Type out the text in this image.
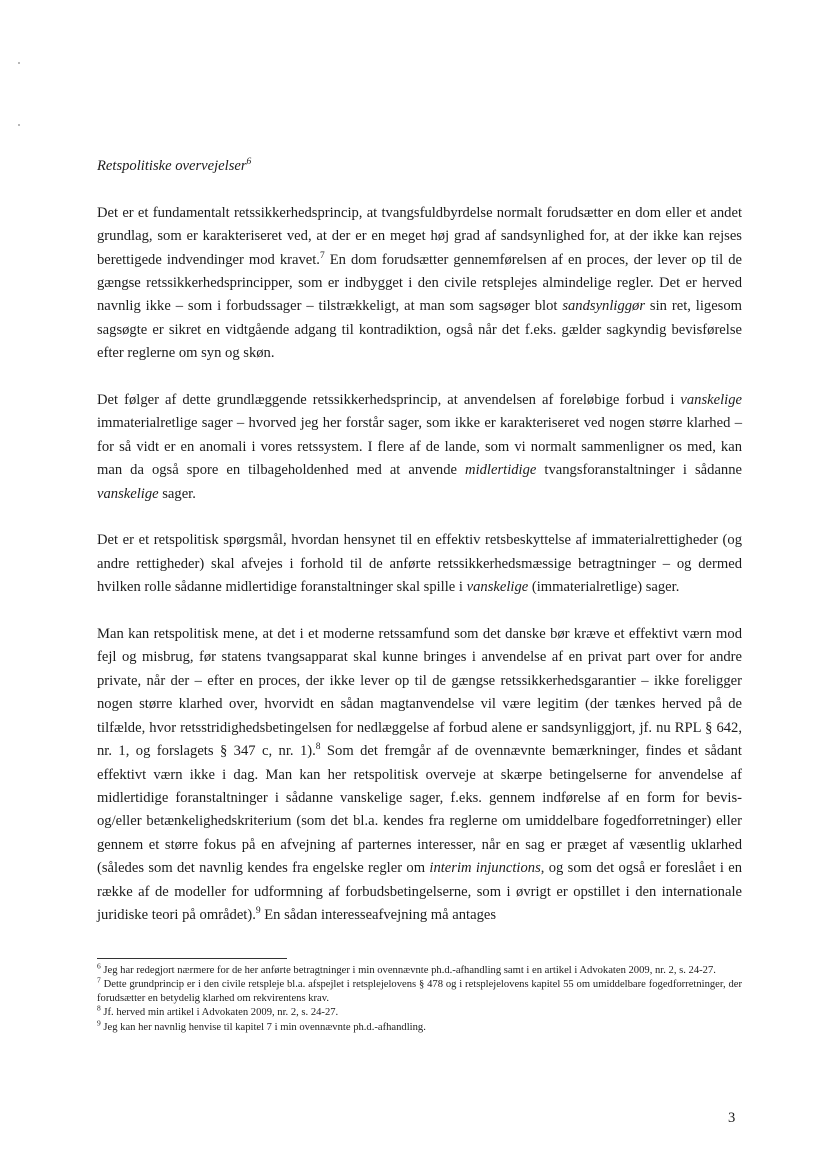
Retspolitiske overvejelser$^6$

Det er et fundamentalt retssikkerhedsprincip, at tvangsfuldbyrdelse normalt forudsætter en dom eller et andet grundlag, som er karakteriseret ved, at der er en meget høj grad af sandsynlighed for, at der ikke kan rejses berettigede indvendinger mod kravet.$^7$ En dom forudsætter gennemførelsen af en proces, der lever op til de gængse retssikkerhedsprincipper, som er indbygget i den civile retsplejes almindelige regler. Det er herved navnlig ikke – som i forbudssager – tilstrækkeligt, at man som sagsøger blot sandsynliggør sin ret, ligesom sagsøgte er sikret en vidtgående adgang til kontradiktion, også når det f.eks. gælder sagkyndig bevisførelse efter reglerne om syn og skøn.

Det følger af dette grundlæggende retssikkerhedsprincip, at anvendelsen af foreløbige forbud i vanskelige immaterialretlige sager – hvorved jeg her forstår sager, som ikke er karakteriseret ved nogen større klarhed – for så vidt er en anomali i vores retssystem. I flere af de lande, som vi normalt sammenligner os med, kan man da også spore en tilbageholdenhed med at anvende midlertidige tvangsforanstaltninger i sådanne vanskelige sager.

Det er et retspolitisk spørgsmål, hvordan hensynet til en effektiv retsbeskyttelse af immaterialrettigheder (og andre rettigheder) skal afvejes i forhold til de anførte retssikkerhedsmæssige betragtninger – og dermed hvilken rolle sådanne midlertidige foranstaltninger skal spille i vanskelige (immaterialretlige) sager.

Man kan retspolitisk mene, at det i et moderne retssamfund som det danske bør kræve et effektivt værn mod fejl og misbrug, før statens tvangsapparat skal kunne bringes i anvendelse af en privat part over for andre private, når der – efter en proces, der ikke lever op til de gængse retssikkerhedsgarantier – ikke foreligger nogen større klarhed over, hvorvidt en sådan magtanvendelse vil være legitim (der tænkes herved på de tilfælde, hvor retsstridighedsbetingelsen for nedlæggelse af forbud alene er sandsynliggjort, jf. nu RPL § 642, nr. 1, og forslagets § 347 c, nr. 1).$^8$ Som det fremgår af de ovennævnte bemærkninger, findes et sådant effektivt værn ikke i dag. Man kan her retspolitisk overveje at skærpe betingelserne for anvendelse af midlertidige foranstaltninger i sådanne vanskelige sager, f.eks. gennem indførelse af en form for bevis- og/eller betænkelighedskriterium (som det bl.a. kendes fra reglerne om umiddelbare fogedforretninger) eller gennem et større fokus på en afvejning af parternes interesser, når en sag er præget af væsentlig uklarhed (således som det navnlig kendes fra engelske regler om interim injunctions, og som det også er foreslået i en række af de modeller for udformning af forbudsbetingelserne, som i øvrigt er opstillet i den internationale juridiske teori på området).$^9$ En sådan interesseafvejning må antages

$^6$ Jeg har redegjort nærmere for de her anførte betragtninger i min ovennævnte ph.d.-afhandling samt i en artikel i Advokaten 2009, nr. 2, s. 24-27.

$^7$ Dette grundprincip er i den civile retspleje bl.a. afspejlet i retsplejelovens § 478 og i retsplejelovens kapitel 55 om umiddelbare fogedforretninger, der forudsætter en betydelig klarhed om rekvirentens krav.

$^8$ Jf. herved min artikel i Advokaten 2009, nr. 2, s. 24-27.

$^9$ Jeg kan her navnlig henvise til kapitel 7 i min ovennævnte ph.d.-afhandling.

3
